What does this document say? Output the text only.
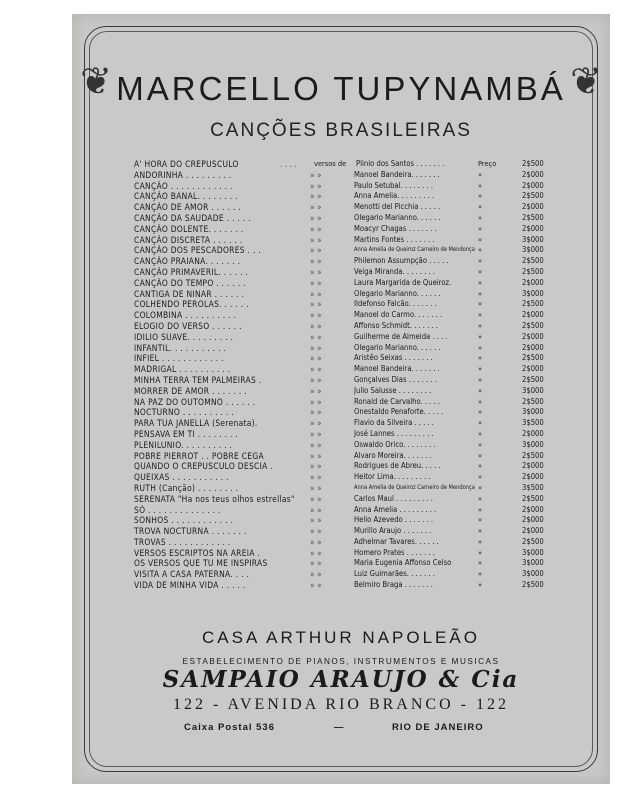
❦	❦
MARCELLO TUPYNAMBÁ
CANÇÕES BRASILEIRAS
A' HORA DO CREPUSCULO	. . . .	versos de	Plinio dos Santos . . . . . . .	Preço	2$500
ANDORINHA . . . . . . . . .	» »	Manoel Bandeira. . . . . . .	»	2$000
CANÇÃO . . . . . . . . . . . .	» »	Paulo Setubal. . . . . . . .	»	2$000
CANÇÃO BANAL. . . . . . . .	» »	Anna Amelia. . . . . . . . .	»	2$500
CANÇÃO DE AMOR . . . . . .	» »	Menotti del Picchia . . . . .	»	2$000
CANÇÃO DA SAUDADE . . . . .	» »	Olegario Marianno. . . . . .	»	2$500
CANÇÃO DOLENTE. . . . . . .	» »	Moacyr Chagas . . . . . . .	»	2$000
CANÇÃO DISCRETA . . . . . .	» »	Martins Fontes . . . . . . .	»	3$000
CANÇÃO DOS PESCADORES . . .	» »	Anna Amelia de Queiroz Carneiro de Mendonça »	3$000
CANÇÃO PRAIANA. . . . . . .	» »	Philemon Assumpção . . . . .	»	2$500
CANÇÃO PRIMAVERIL. . . . . .	» »	Veiga Miranda. . . . . . . .	»	2$500
CANÇÃO DO TEMPO . . . . . .	» »	Laura Margarida de Queiroz.	»	2$000
CANTIGA DE NINAR . . . . . .	» »	Olegario Marianno. . . . . .	»	3$000
COLHENDO PEROLAS. . . . . .	» »	Ildefonso Falcão. . . . . . .	»	2$500
COLOMBINA . . . . . . . . . .	» »	Manoel do Carmo. . . . . . .	»	2$000
ELOGIO DO VERSO . . . . . .	» »	Affonso Schmidt. . . . . . .	»	2$500
IDILIO SUAVE. . . . . . . . .	» »	Guilherme de Almeida . . . .	»	2$000
INFANTIL. . . . . . . . . . .	» »	Olegario Marianno. . . . . .	»	2$000
INFIEL . . . . . . . . . . . .	» »	Aristêo Seixas . . . . . . .	»	2$500
MADRIGAL . . . . . . . . . .	» »	Manoel Bandeira. . . . . . .	»	2$000
MINHA TERRA TEM PALMEIRAS .	» »	Gonçalves Dias . . . . . . .	»	2$500
MORRER DE AMOR . . . . . . .	» »	Julio Salusse . . . . . . . .	»	3$000
NA PAZ DO OUTOMNO . . . . . .	» »	Ronald de Carvalho. . . . .	»	2$500
NOCTURNO . . . . . . . . . .	» »	Onestaldo Penaforte. . . . .	»	3$000
PARA TUA JANELLA (Serenata).	» »	Flavio da Silveira . . . . .	»	3$500
PENSAVA EM TI . . . . . . . .	» »	José Lannes . . . . . . . . .	»	2$000
PLENILUNIO. . . . . . . . . .	» »	Oswaldo Orico. . . . . . . .	»	3$000
POBRE PIERROT . . POBRE CEGA	» »	Alvaro Moreira. . . . . . .	»	2$500
QUANDO O CREPUSCULO DESCIA .	» »	Rodrigues de Abreu. . . . .	»	2$000
QUEIXAS . . . . . . . . . . .	» »	Heitor Lima. . . . . . . . .	»	2$000
RUTH (Canção) . . . . . . . .	» »	Anna Amelia de Queiroz Carneiro de Mendonça »	3$500
SERENATA "Ha nos teus olhos estrellas"	» »	Carlos Maul . . . . . . . . .	»	2$500
SÓ . . . . . . . . . . . . . .	» »	Anna Amelia . . . . . . . . .	»	2$000
SONHOS . . . . . . . . . . . .	» »	Helio Azevedo . . . . . . .	»	2$000
TROVA NOCTURNA . . . . . . .	» »	Murillo Araujo . . . . . . .	»	2$000
TROVAS . . . . . . . . . . . .	» »	Adhelmar Tavares. . . . . .	»	2$500
VERSOS ESCRIPTOS NA AREIA .	» »	Homero Prates . . . . . . .	»	3$000
OS VERSOS QUE TU ME INSPIRAS	» »	Maria Eugenia Affonso Celso	»	3$000
VISITA A CASA PATERNA. . . .	» »	Luiz Guimarães. . . . . . .	»	3$000
VIDA DE MINHA VIDA . . . . .	» »	Belmiro Braga . . . . . . .	»	2$500
CASA ARTHUR NAPOLEÃO
ESTABELECIMENTO DE PIANOS, INSTRUMENTOS E MUSICAS
SAMPAIO ARAUJO & Cia
122 - AVENIDA RIO BRANCO - 122
Caixa Postal 536	—	RIO DE JANEIRO
